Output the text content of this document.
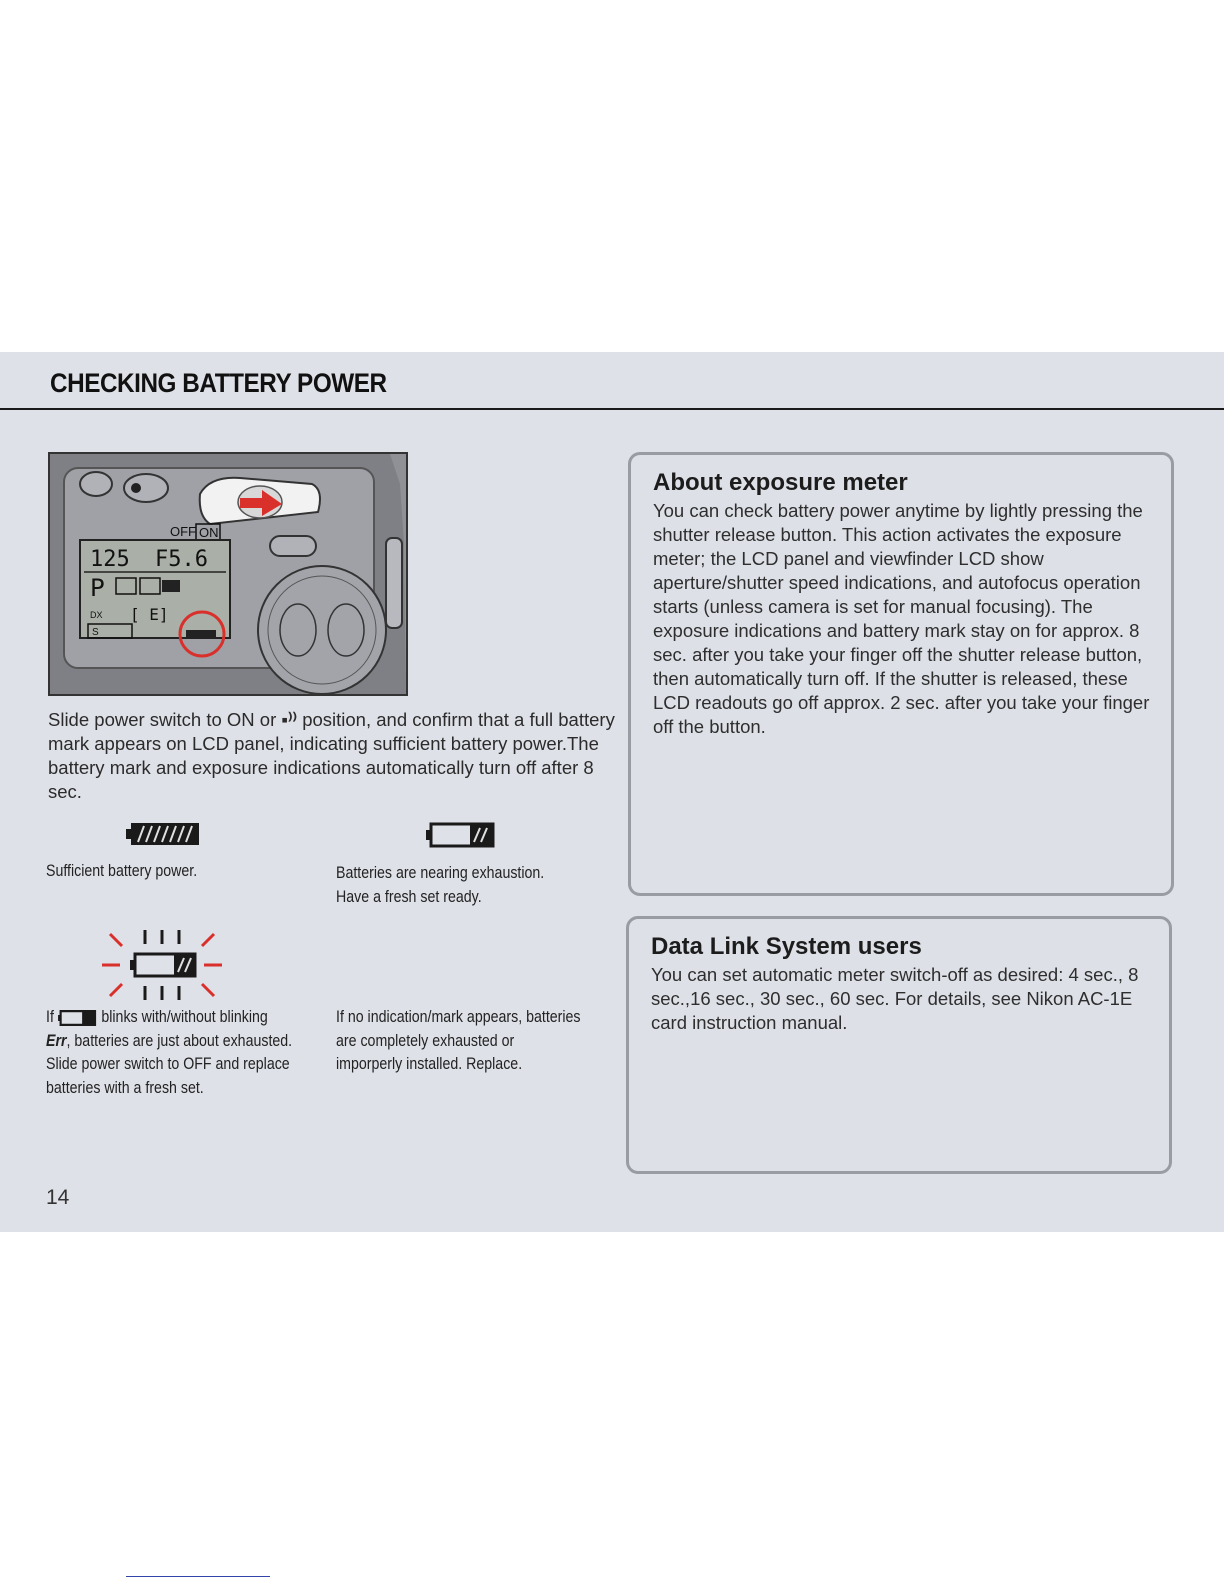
CHECKING BATTERY POWER
OFF ON
125 F5.6
P
[ E]
DX
S
Slide power switch to ON or ▪⁾⁾ position, and confirm that a full battery mark appears on LCD panel, indicating sufficient battery power.The battery mark and exposure indications automatically turn off after 8 sec.
Sufficient battery power.	Batteries are nearing exhaustion.
Have a fresh set ready.
If	blinks with/without blinking
Err, batteries are just about exhausted. Slide power switch to OFF and replace batteries with a fresh set.
If no indication/mark appears, batteries are completely exhausted or imporperly installed. Replace.
About exposure meter

You can check battery power anytime by lightly pressing the shutter release button. This action activates the exposure meter; the LCD panel and viewfinder LCD show aperture/shutter speed indications, and autofocus operation starts (unless camera is set for manual focusing). The exposure indications and battery mark stay on for approx. 8 sec. after you take your finger off the shutter release button, then automatically turn off. If the shutter is released, these LCD readouts go off approx. 2 sec. after you take your finger off the button.

Data Link System users

You can set automatic meter switch-off as desired: 4 sec., 8 sec.,16 sec., 30 sec., 60 sec. For details, see Nikon AC-1E card instruction manual.

14
